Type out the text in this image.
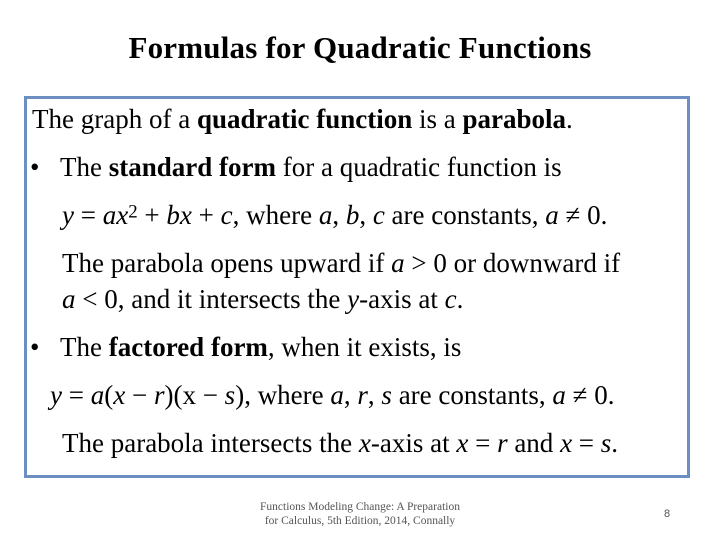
Formulas for Quadratic Functions
The graph of a quadratic function is a parabola.
• The standard form for a quadratic function is
$y = ax^2$ + bx + c, where a, b, c are constants, a ≠ 0.
The parabola opens upward if a > 0 or downward if
a < 0, and it intersects the y-axis at c.
• The factored form, when it exists, is
y = a(x − r)(x − s), where a, r, s are constants, a ≠ 0.
The parabola intersects the x-axis at x = r and x = s.
Functions Modeling Change: A Preparation
for Calculus, 5th Edition, 2014, Connally
8
